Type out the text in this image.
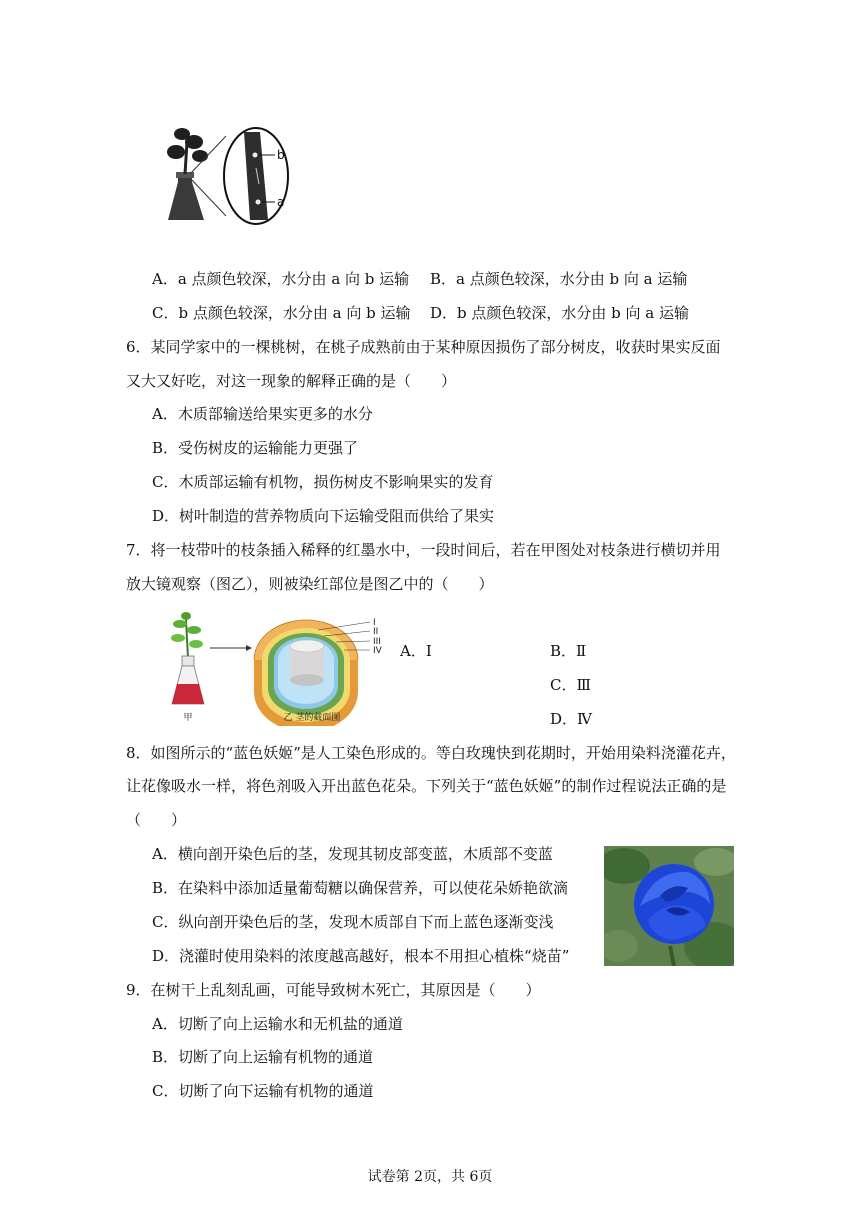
b
a
A．a 点颜色较深，水分由 a 向 b 运输 B．a 点颜色较深，水分由 b 向 a 运输
C．b 点颜色较深，水分由 a 向 b 运输 D．b 点颜色较深，水分由 b 向 a 运输
6．某同学家中的一棵桃树，在桃子成熟前由于某种原因损伤了部分树皮，收获时果实反面
又大又好吃，对这一现象的解释正确的是（　　）
A．木质部输送给果实更多的水分
B．受伤树皮的运输能力更强了
C．木质部运输有机物，损伤树皮不影响果实的发育
D．树叶制造的营养物质向下运输受阻而供给了果实
7．将一枝带叶的枝条插入稀释的红墨水中，一段时间后，若在甲图处对枝条进行横切并用
放大镜观察（图乙），则被染红部位是图乙中的（　　）
甲
I
II
III
IV
乙 茎的截面图
A．Ⅰ	B．Ⅱ
C．Ⅲ
D．Ⅳ
8．如图所示的“蓝色妖姬”是人工染色形成的。等白玫瑰快到花期时，开始用染料浇灌花卉，
让花像吸水一样，将色剂吸入开出蓝色花朵。下列关于“蓝色妖姬”的制作过程说法正确的是
（　　）
A．横向剖开染色后的茎，发现其韧皮部变蓝，木质部不变蓝
B．在染料中添加适量葡萄糖以确保营养，可以使花朵娇艳欲滴
C．纵向剖开染色后的茎，发现木质部自下而上蓝色逐渐变浅
D．浇灌时使用染料的浓度越高越好，根本不用担心植株“烧苗”
9．在树干上乱刻乱画，可能导致树木死亡，其原因是（　　）
A．切断了向上运输水和无机盐的通道
B．切断了向上运输有机物的通道
C．切断了向下运输有机物的通道
试卷第 2页，共 6页
